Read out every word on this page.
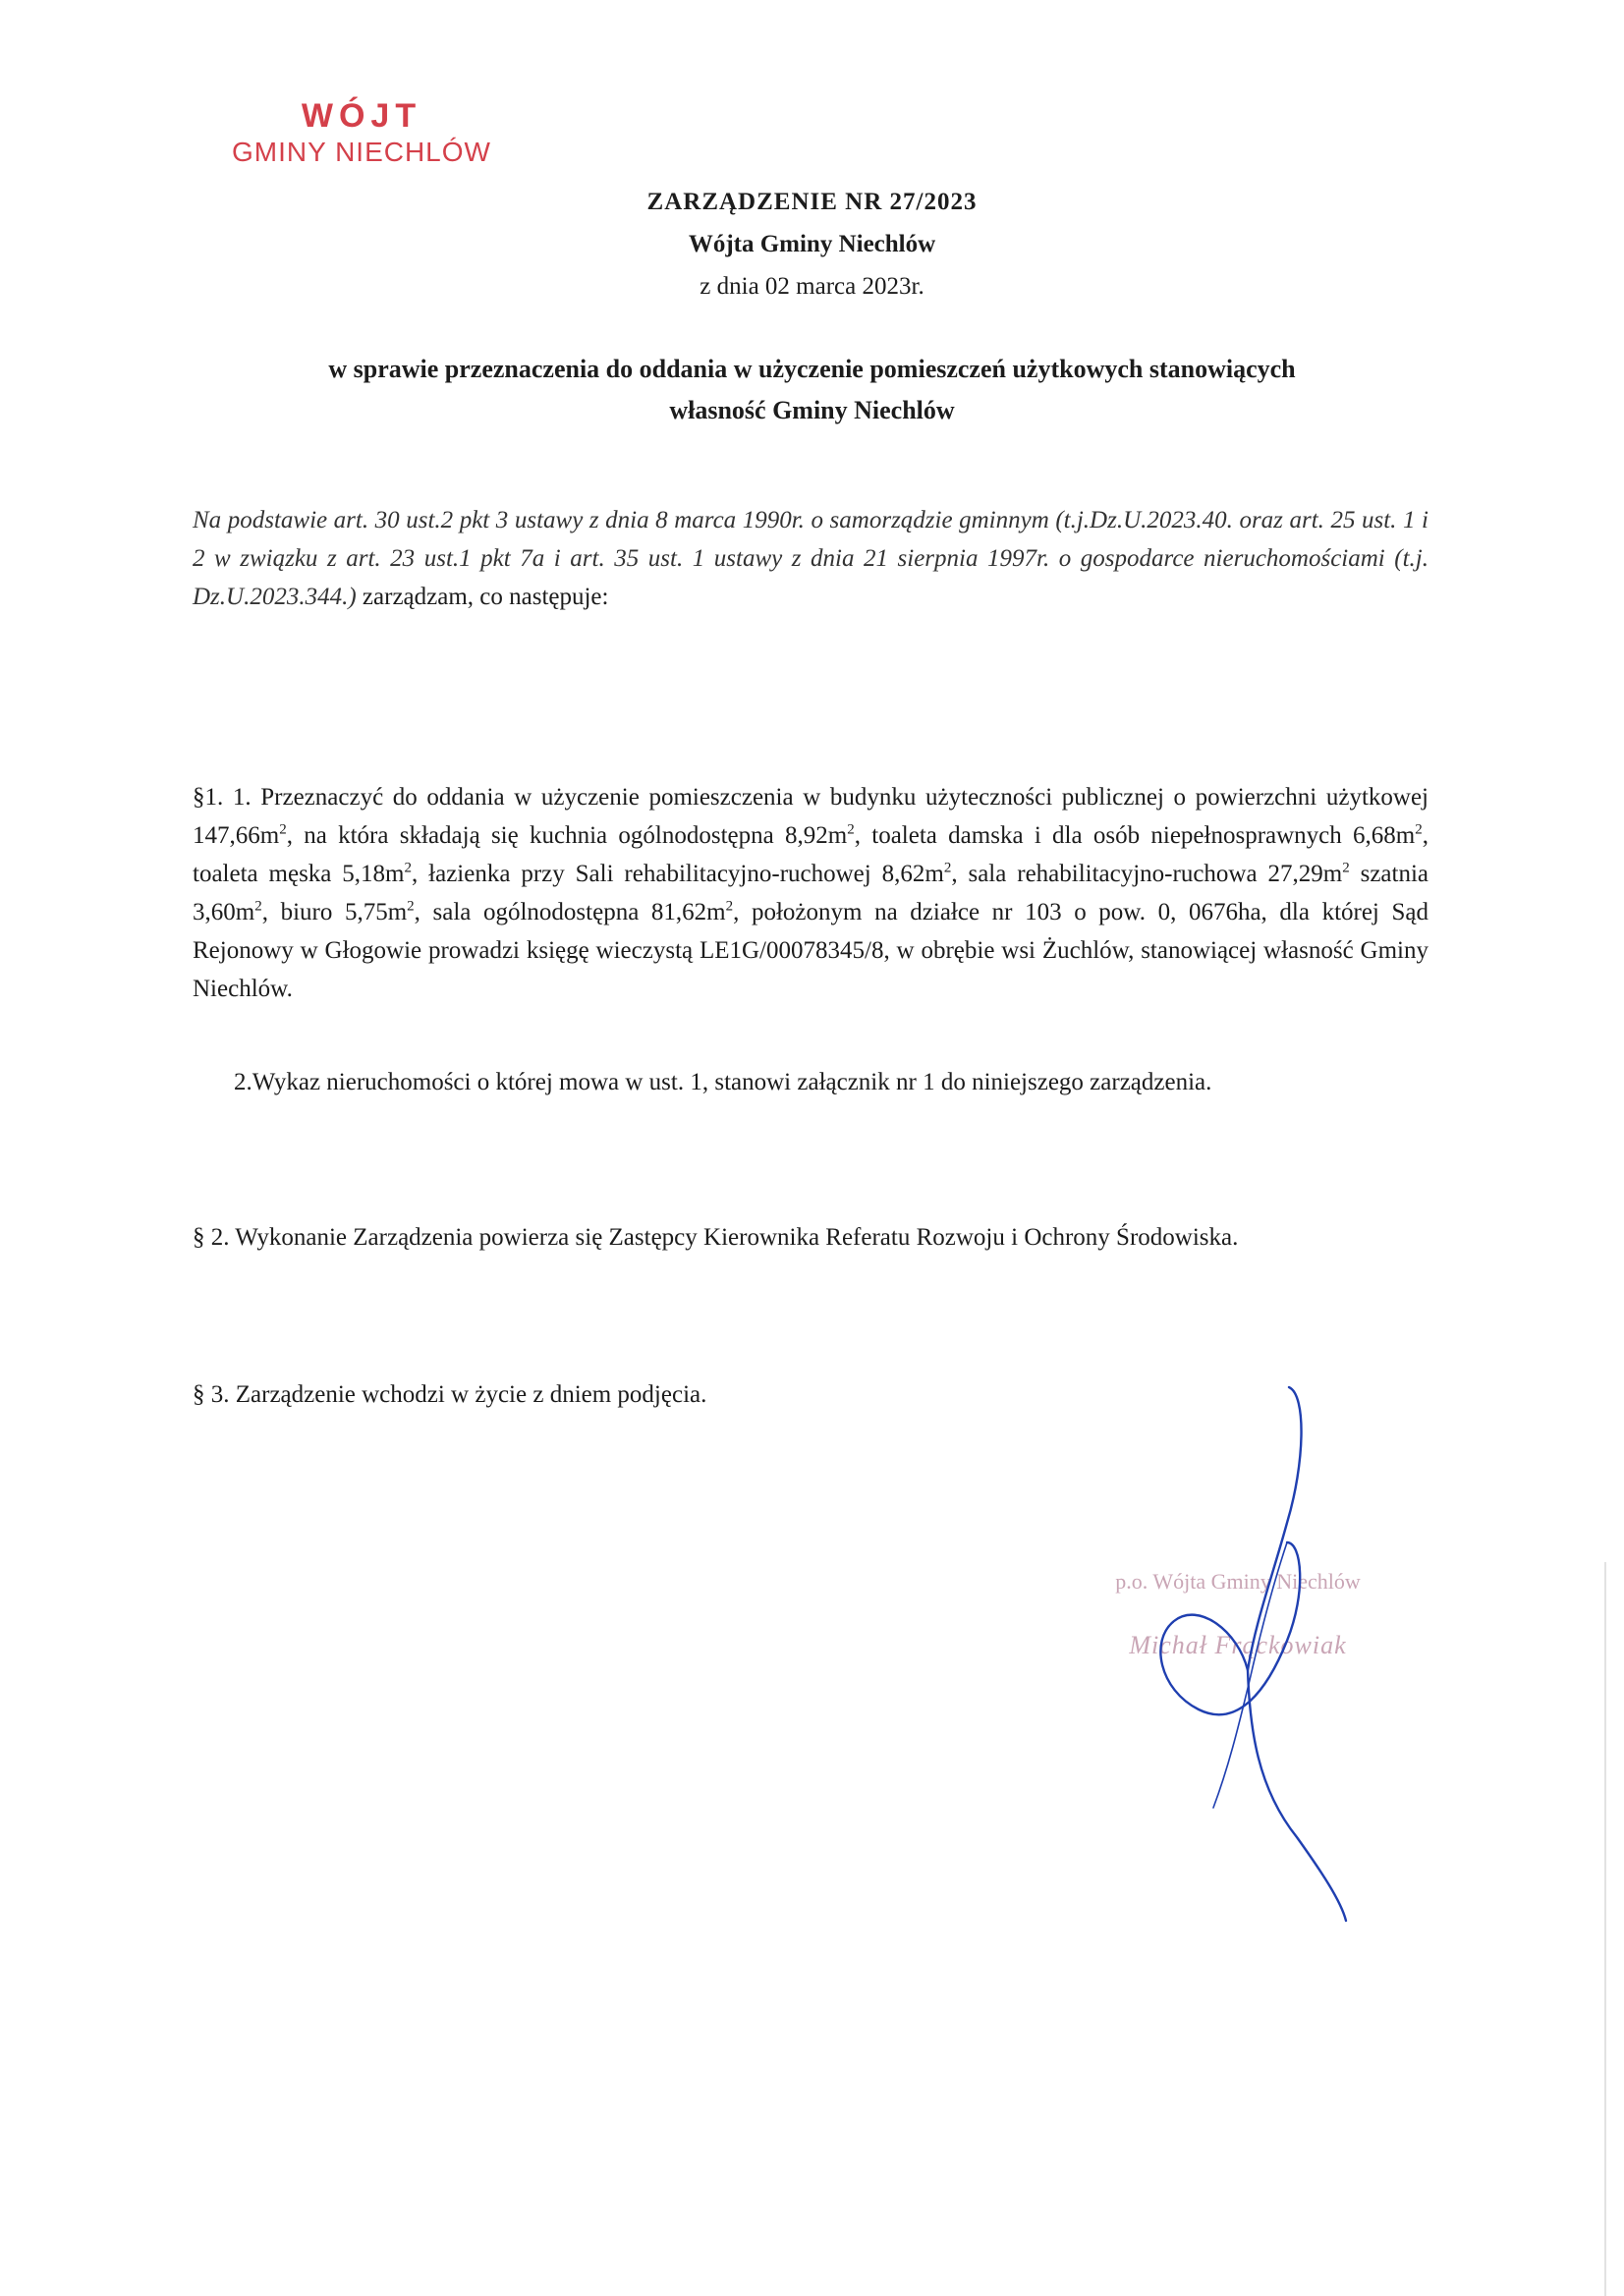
WÓJT
GMINY NIECHLÓW
ZARZĄDZENIE NR 27/2023
Wójta Gminy Niechlów
z dnia 02 marca 2023r.
w sprawie przeznaczenia do oddania w użyczenie pomieszczeń użytkowych stanowiących
własność Gminy Niechlów
Na podstawie art. 30 ust.2 pkt 3 ustawy z dnia 8 marca 1990r. o samorządzie gminnym (t.j.Dz.U.2023.40. oraz art. 25 ust. 1 i 2 w związku z art. 23 ust.1 pkt 7a i art. 35 ust. 1 ustawy z dnia 21 sierpnia 1997r. o gospodarce nieruchomościami (t.j. Dz.U.2023.344.) zarządzam, co następuje:
§1. 1. Przeznaczyć do oddania w użyczenie pomieszczenia w budynku użyteczności publicznej o powierzchni użytkowej $147,66m^2$, na która składają się kuchnia ogólnodostępna $8,92m^2$, toaleta damska i dla osób niepełnosprawnych $6,68m^2$, toaleta męska $5,18m^2$, łazienka przy Sali rehabilitacyjno-ruchowej $8,62m^2$, sala rehabilitacyjno-ruchowa $27,29m^2$ szatnia $3,60m^2$, biuro $5,75m^2$, sala ogólnodostępna $81,62m^2$, położonym na działce nr 103 o pow. 0, 0676ha, dla której Sąd Rejonowy w Głogowie prowadzi księgę wieczystą LE1G/00078345/8, w obrębie wsi Żuchlów, stanowiącej własność Gminy Niechlów.
2.Wykaz nieruchomości o której mowa w ust. 1, stanowi załącznik nr 1 do niniejszego zarządzenia.
§ 2. Wykonanie Zarządzenia powierza się Zastępcy Kierownika Referatu Rozwoju i Ochrony Środowiska.
§ 3. Zarządzenie wchodzi w życie z dniem podjęcia.
p.o. Wójta Gminy Niechlów
Michał Frąckowiak
